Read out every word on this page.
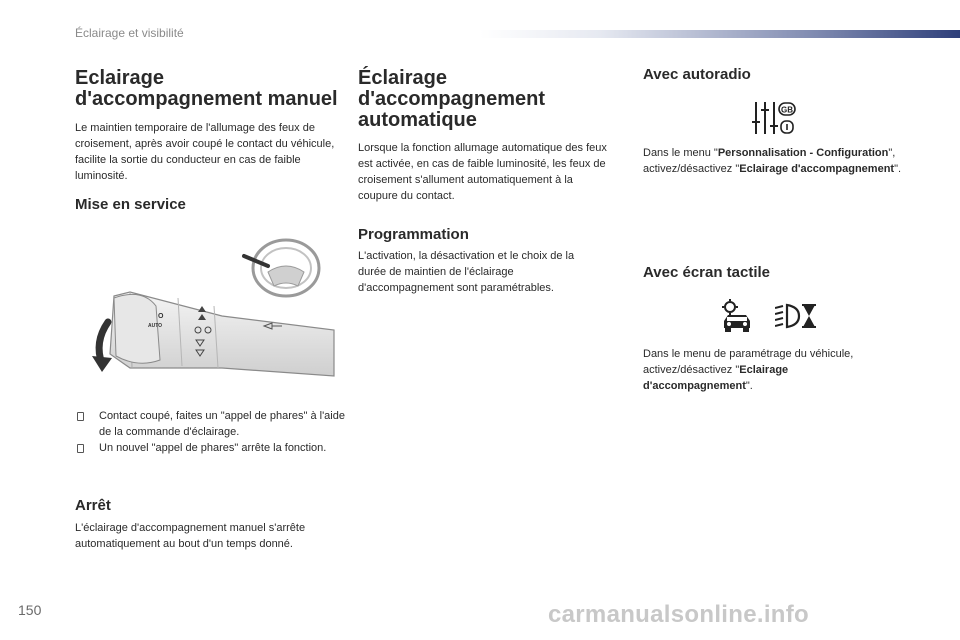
Éclairage et visibilité
Eclairage d'accompagnement manuel

Le maintien temporaire de l'allumage des feux de croisement, après avoir coupé le contact du véhicule, facilite la sortie du conducteur en cas de faible luminosité.

Mise en service
O
AUTO
Contact coupé, faites un "appel de phares" à l'aide de la commande d'éclairage.
Un nouvel "appel de phares" arrête la fonction.
Arrêt

L'éclairage d'accompagnement manuel s'arrête automatiquement au bout d'un temps donné.

Éclairage d'accompagnement automatique

Lorsque la fonction allumage automatique des feux est activée, en cas de faible luminosité, les feux de croisement s'allument automatiquement à la coupure du contact.

Programmation

L'activation, la désactivation et le choix de la durée de maintien de l'éclairage d'accompagnement sont paramétrables.

Avec autoradio
GB

Dans le menu "Personnalisation - Configuration", activez/désactivez "Eclairage d'accompagnement".

Avec écran tactile

Dans le menu de paramétrage du véhicule, activez/désactivez "Eclairage d'accompagnement".

150	carmanualsonline.info
